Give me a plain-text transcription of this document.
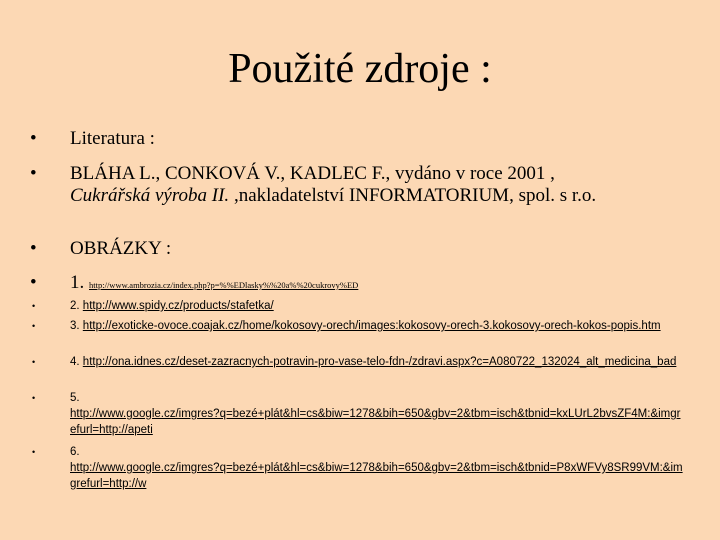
Použité zdroje :
•	Literatura :
•	BLÁHA L., CONKOVÁ V., KADLEC F., vydáno v roce 2001 ,
Cukrářská výroba II. ,nakladatelství INFORMATORIUM, spol. s r.o.
•	OBRÁZKY :
•	1. http://www.ambrozia.cz/index.php?p=%%EDlasky%%20a%%20cukrovy%ED
•	2. http://www.spidy.cz/products/stafetka/
•	3. http://exoticke-ovoce.coajak.cz/home/kokosovy-orech/images:kokosovy-orech-3.kokosovy-orech-kokos-popis.htm
•	4. http://ona.idnes.cz/deset-zazracnych-potravin-pro-vase-telo-fdn-/zdravi.aspx?c=A080722_132024_alt_medicina_bad
•	5.
http://www.google.cz/imgres?q=bezé+plát&hl=cs&biw=1278&bih=650&gbv=2&tbm=isch&tbnid=kxLUrL2bvsZF4M:&imgrefurl=http://apeti
•	6.
http://www.google.cz/imgres?q=bezé+plát&hl=cs&biw=1278&bih=650&gbv=2&tbm=isch&tbnid=P8xWFVy8SR99VM:&imgrefurl=http://w
